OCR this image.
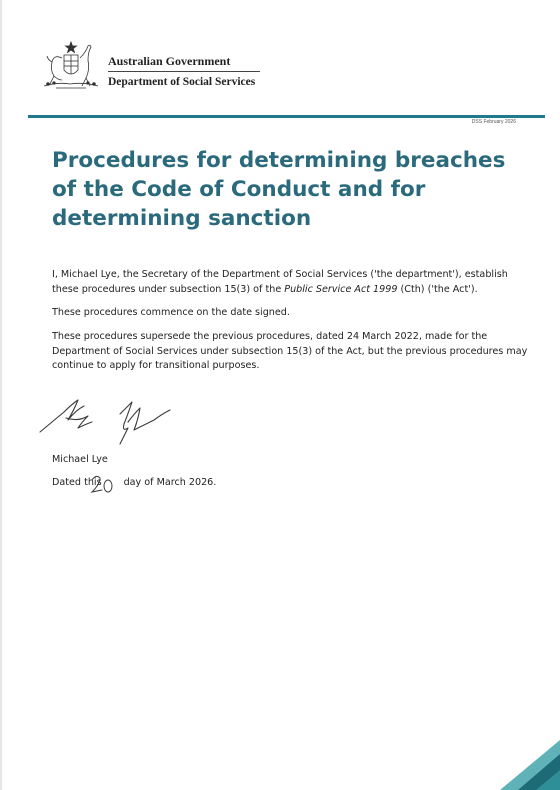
Australian Government
Department of Social Services
DSS February 2026
Procedures for determining breaches of the Code of Conduct and for determining sanction

I, Michael Lye, the Secretary of the Department of Social Services ('the department'), establish these procedures under subsection 15(3) of the Public Service Act 1999 (Cth) ('the Act').

These procedures commence on the date signed.

These procedures supersede the previous procedures, dated 24 March 2022, made for the Department of Social Services under subsection 15(3) of the Act, but the previous procedures may continue to apply for transitional purposes.

Michael Lye

Dated this day of March 2026.
